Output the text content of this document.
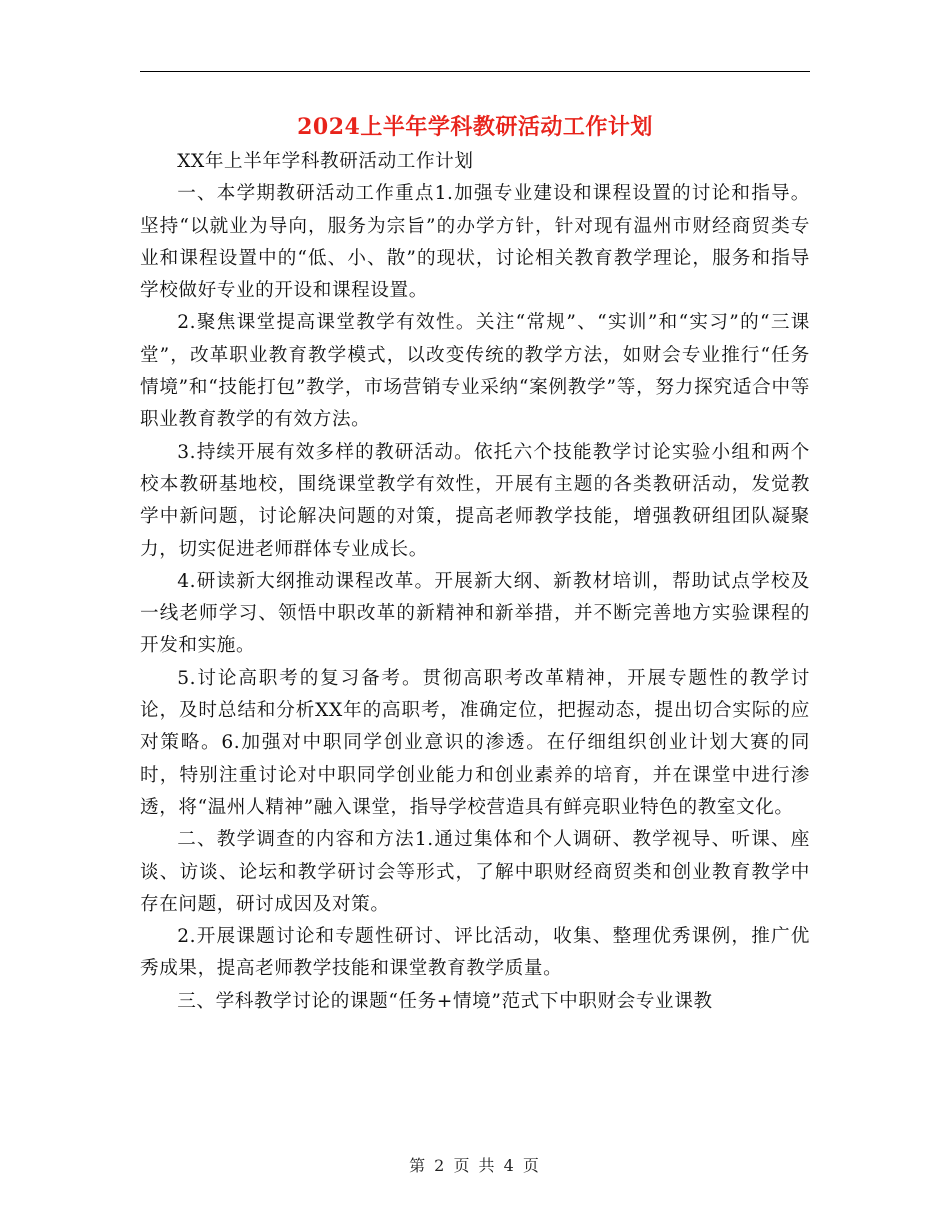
2024上半年学科教研活动工作计划

XX年上半年学科教研活动工作计划

一、本学期教研活动工作重点1.加强专业建设和课程设置的讨论和指导。坚持“以就业为导向，服务为宗旨”的办学方针，针对现有温州市财经商贸类专业和课程设置中的“低、小、散”的现状，讨论相关教育教学理论，服务和指导学校做好专业的开设和课程设置。

2.聚焦课堂提高课堂教学有效性。关注“常规”、“实训”和“实习”的“三课堂”，改革职业教育教学模式，以改变传统的教学方法，如财会专业推行“任务情境”和“技能打包”教学，市场营销专业采纳“案例教学”等，努力探究适合中等职业教育教学的有效方法。

3.持续开展有效多样的教研活动。依托六个技能教学讨论实验小组和两个校本教研基地校，围绕课堂教学有效性，开展有主题的各类教研活动，发觉教学中新问题，讨论解决问题的对策，提高老师教学技能，增强教研组团队凝聚力，切实促进老师群体专业成长。

4.研读新大纲推动课程改革。开展新大纲、新教材培训，帮助试点学校及一线老师学习、领悟中职改革的新精神和新举措，并不断完善地方实验课程的开发和实施。

5.讨论高职考的复习备考。贯彻高职考改革精神，开展专题性的教学讨论，及时总结和分析XX年的高职考，准确定位，把握动态，提出切合实际的应对策略。6.加强对中职同学创业意识的渗透。在仔细组织创业计划大赛的同时，特别注重讨论对中职同学创业能力和创业素养的培育，并在课堂中进行渗透，将“温州人精神”融入课堂，指导学校营造具有鲜亮职业特色的教室文化。

二、教学调查的内容和方法1.通过集体和个人调研、教学视导、听课、座谈、访谈、论坛和教学研讨会等形式，了解中职财经商贸类和创业教育教学中存在问题，研讨成因及对策。

2.开展课题讨论和专题性研讨、评比活动，收集、整理优秀课例，推广优秀成果，提高老师教学技能和课堂教育教学质量。

三、学科教学讨论的课题“任务+情境”范式下中职财会专业课教

第 2 页 共 4 页
